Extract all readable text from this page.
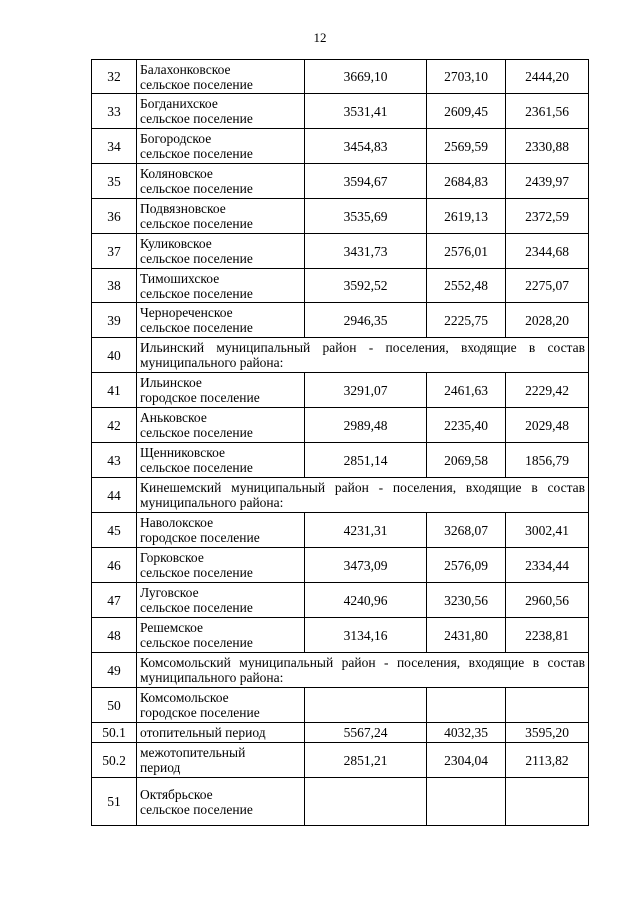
12
32	Балахонковское
сельское поселение	3669,10	2703,10	2444,20
33	Богданихское
сельское поселение	3531,41	2609,45	2361,56
34	Богородское
сельское поселение	3454,83	2569,59	2330,88
35	Коляновское
сельское поселение	3594,67	2684,83	2439,97
36	Подвязновское
сельское поселение	3535,69	2619,13	2372,59
37	Куликовское
сельское поселение	3431,73	2576,01	2344,68
38	Тимошихское
сельское поселение	3592,52	2552,48	2275,07
39	Чернореченское
сельское поселение	2946,35	2225,75	2028,20
40	Ильинский муниципальный район - поселения, входящие в состав муниципального района:			
41	Ильинское
городское поселение	3291,07	2461,63	2229,42
42	Аньковское
сельское поселение	2989,48	2235,40	2029,48
43	Щенниковское
сельское поселение	2851,14	2069,58	1856,79
44	Кинешемский муниципальный район - поселения, входящие в состав муниципального района:			
45	Наволокское
городское поселение	4231,31	3268,07	3002,41
46	Горковское
сельское поселение	3473,09	2576,09	2334,44
47	Луговское
сельское поселение	4240,96	3230,56	2960,56
48	Решемское
сельское поселение	3134,16	2431,80	2238,81
49	Комсомольский муниципальный район - поселения, входящие в состав муниципального района:			
50	Комсомольское
городское поселение			

50.1	отопительный период	5567,24	4032,35	3595,20
50.2	межотопительный
период	2851,21	2304,04	2113,82
51	Октябрьское
сельское поселение			
